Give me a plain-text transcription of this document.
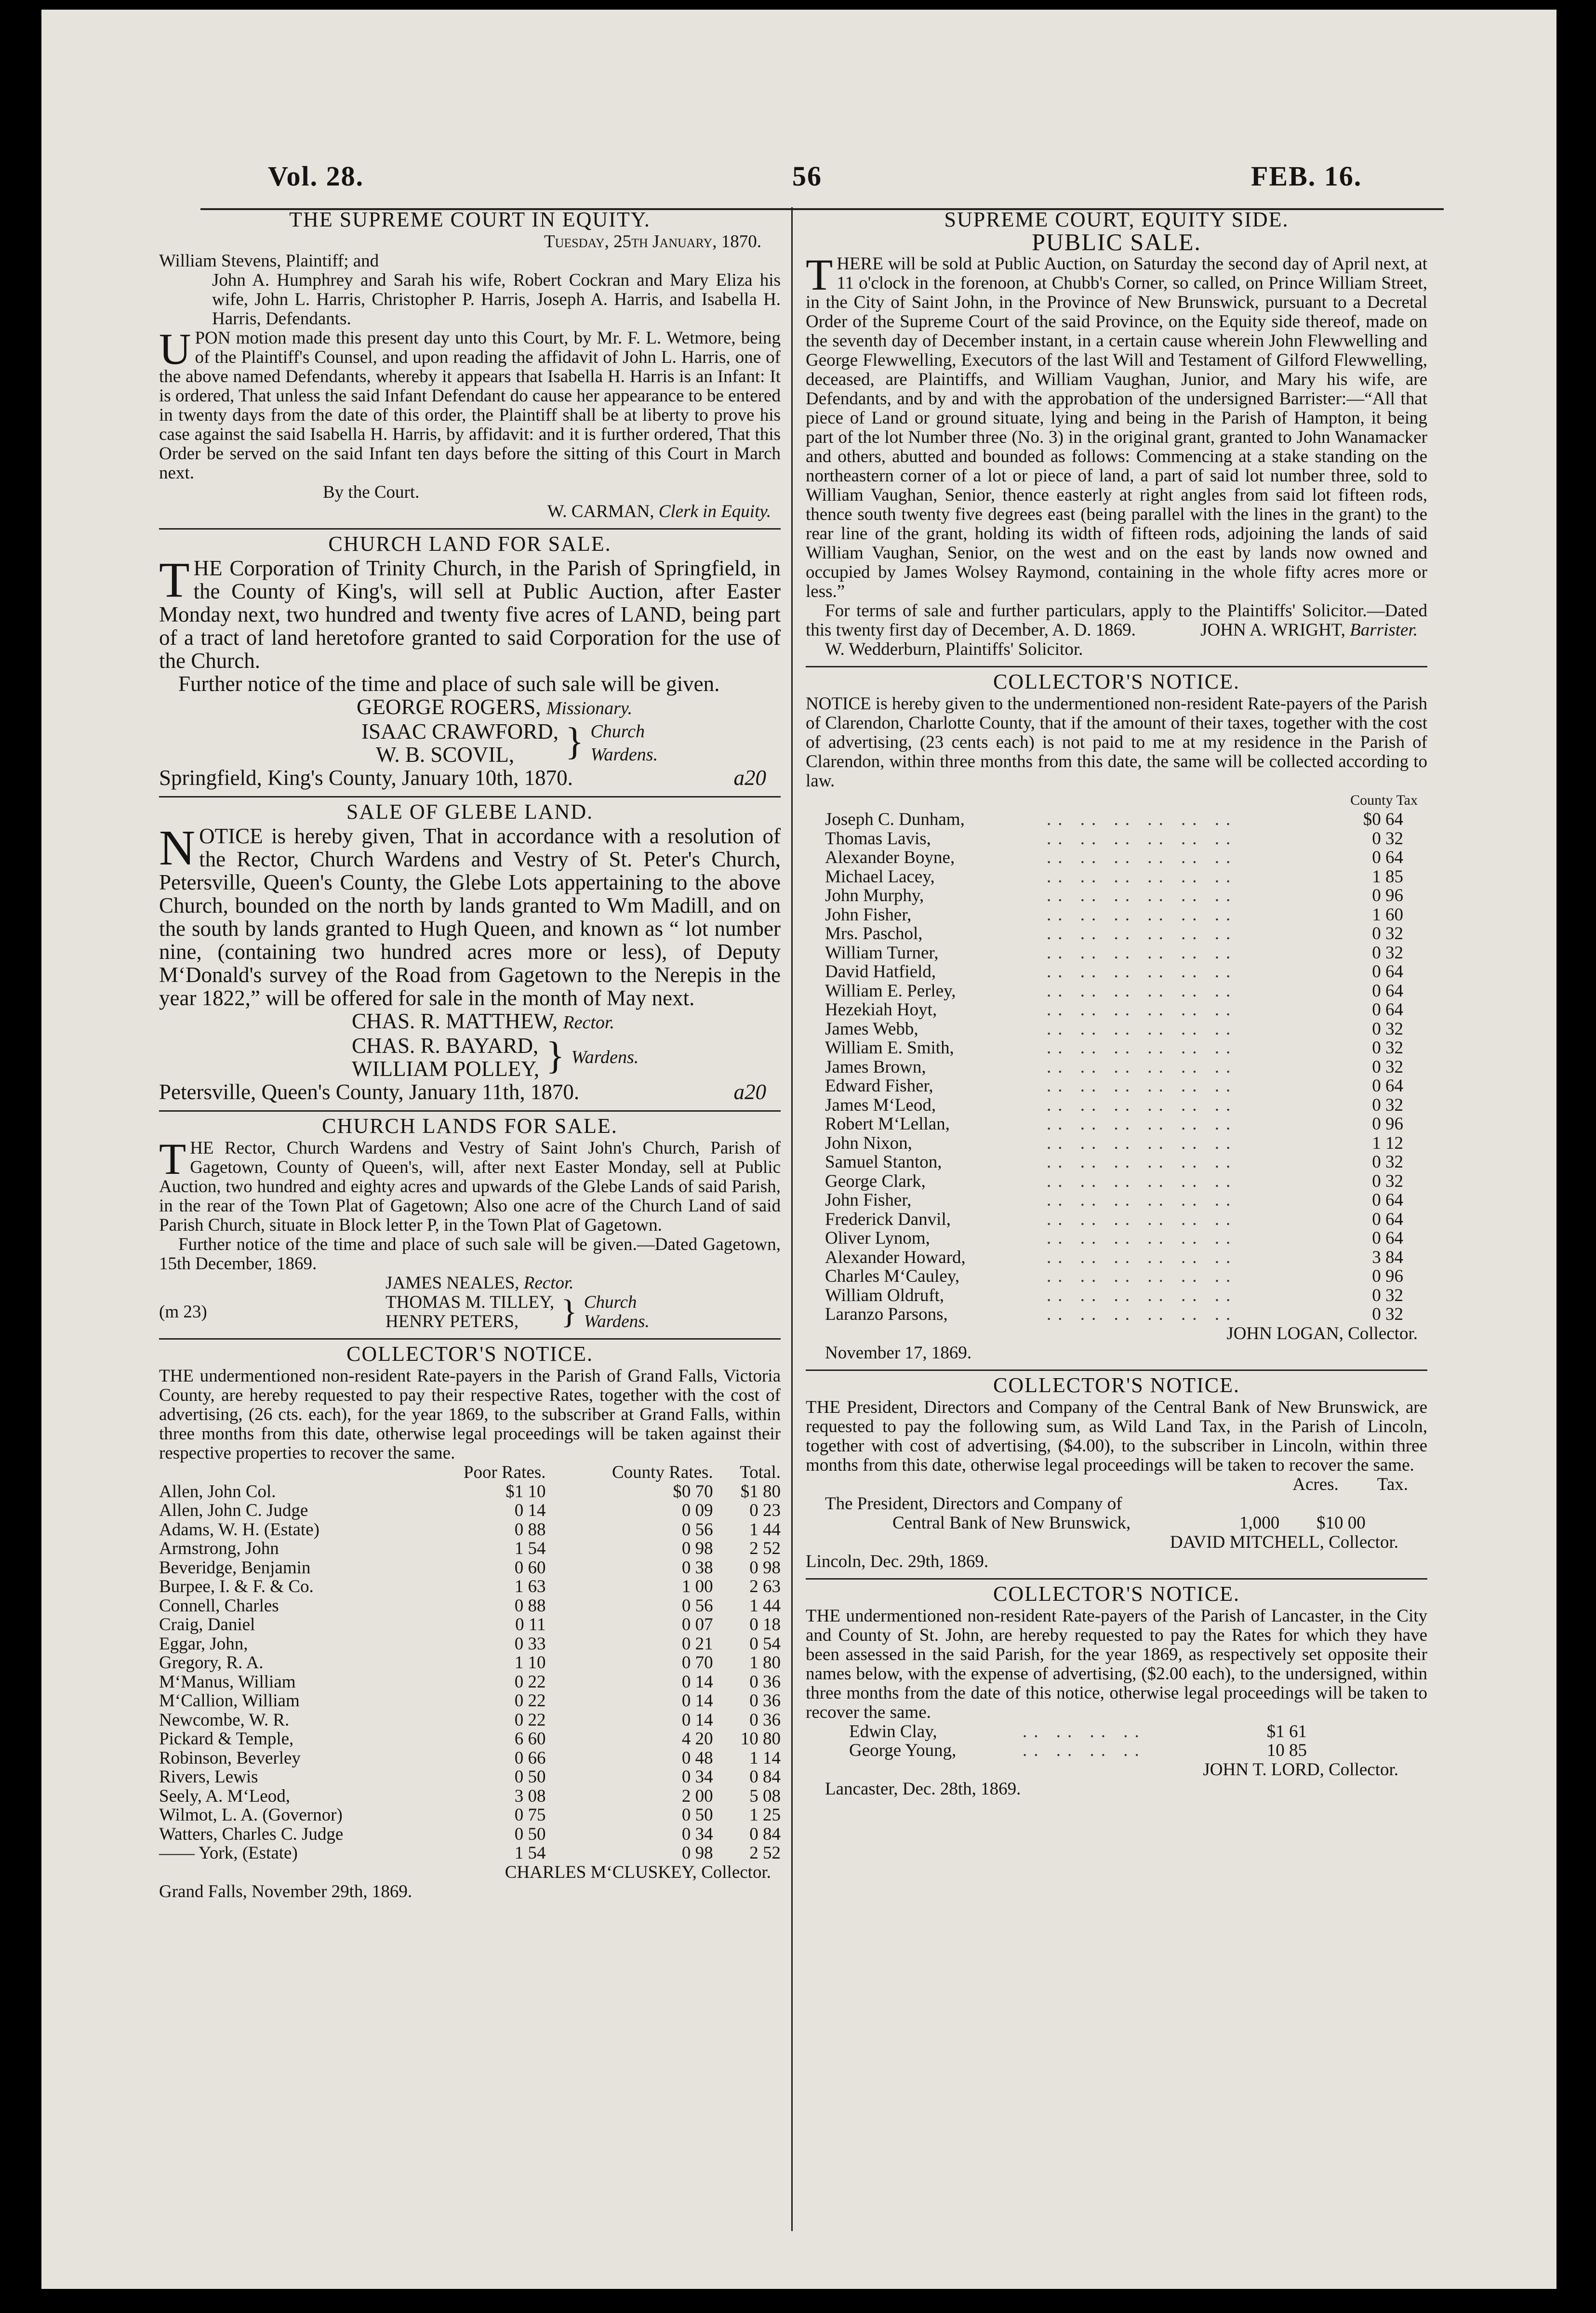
Vol. 28.	56	FEB. 16.
THE SUPREME COURT IN EQUITY.
Tuesday, 25th January, 1870.
William Stevens, Plaintiff; and

John A. Humphrey and Sarah his wife, Robert Cockran and Mary Eliza his wife, John L. Harris, Christopher P. Harris, Joseph A. Harris, and Isabella H. Harris, Defendants.

UPON motion made this present day unto this Court, by Mr. F. L. Wetmore, being of the Plaintiff's Counsel, and upon reading the affidavit of John L. Harris, one of the above named Defendants, whereby it appears that Isabella H. Harris is an Infant: It is ordered, That unless the said Infant Defendant do cause her appearance to be entered in twenty days from the date of this order, the Plaintiff shall be at liberty to prove his case against the said Isabella H. Harris, by affidavit: and it is further ordered, That this Order be served on the said Infant ten days before the sitting of this Court in March next.

By the Court.
W. CARMAN, Clerk in Equity.
CHURCH LAND FOR SALE.

THE Corporation of Trinity Church, in the Parish of Springfield, in the County of King's, will sell at Public Auction, after Easter Monday next, two hundred and twenty five acres of LAND, being part of a tract of land heretofore granted to said Corporation for the use of the Church.

Further notice of the time and place of such sale will be given.

GEORGE ROGERS, Missionary.
ISAAC CRAWFORD,
W. B. SCOVIL,	} Church
Wardens.
Springfield, King's County, January 10th, 1870.	a20
SALE OF GLEBE LAND.

NOTICE is hereby given, That in accordance with a resolution of the Rector, Church Wardens and Vestry of St. Peter's Church, Petersville, Queen's County, the Glebe Lots appertaining to the above Church, bounded on the north by lands granted to Wm Madill, and on the south by lands granted to Hugh Queen, and known as “ lot number nine, (containing two hundred acres more or less), of Deputy M‘Donald's survey of the Road from Gagetown to the Nerepis in the year 1822,” will be offered for sale in the month of May next.

CHAS. R. MATTHEW, Rector.
CHAS. R. BAYARD,
WILLIAM POLLEY, } Wardens.
Petersville, Queen's County, January 11th, 1870.	a20
CHURCH LANDS FOR SALE.

THE Rector, Church Wardens and Vestry of Saint John's Church, Parish of Gagetown, County of Queen's, will, after next Easter Monday, sell at Public Auction, two hundred and eighty acres and upwards of the Glebe Lands of said Parish, in the rear of the Town Plat of Gagetown; Also one acre of the Church Land of said Parish Church, situate in Block letter P, in the Town Plat of Gagetown.

Further notice of the time and place of such sale will be given.—Dated Gagetown, 15th December, 1869.

JAMES NEALES, Rector.
(m 23)	THOMAS M. TILLEY,
HENRY PETERS,	} Church
Wardens.
COLLECTOR'S NOTICE.

THE undermentioned non-resident Rate-payers in the Parish of Grand Falls, Victoria County, are hereby requested to pay their respective Rates, together with the cost of advertising, (26 cts. each), for the year 1869, to the subscriber at Grand Falls, within three months from this date, otherwise legal proceedings will be taken against their respective properties to recover the same.

	Poor Rates.	County Rates.	Total.
Allen, John Col.	$1 10	$0 70	$1 80
Allen, John C. Judge	0 14	0 09	0 23
Adams, W. H. (Estate)	0 88	0 56	1 44
Armstrong, John	1 54	0 98	2 52
Beveridge, Benjamin	0 60	0 38	0 98
Burpee, I. & F. & Co.	1 63	1 00	2 63
Connell, Charles	0 88	0 56	1 44
Craig, Daniel	0 11	0 07	0 18
Eggar, John,	0 33	0 21	0 54
Gregory, R. A.	1 10	0 70	1 80
M‘Manus, William	0 22	0 14	0 36
M‘Callion, William	0 22	0 14	0 36
Newcombe, W. R.	0 22	0 14	0 36
Pickard & Temple,	6 60	4 20	10 80
Robinson, Beverley	0 66	0 48	1 14
Rivers, Lewis	0 50	0 34	0 84
Seely, A. M‘Leod,	3 08	2 00	5 08
Wilmot, L. A. (Governor)	0 75	0 50	1 25
Watters, Charles C. Judge	0 50	0 34	0 84
—— York, (Estate)	1 54	0 98	2 52
CHARLES M‘CLUSKEY, Collector.
Grand Falls, November 29th, 1869.
SUPREME COURT, EQUITY SIDE.
PUBLIC SALE.

THERE will be sold at Public Auction, on Saturday the second day of April next, at 11 o'clock in the forenoon, at Chubb's Corner, so called, on Prince William Street, in the City of Saint John, in the Province of New Brunswick, pursuant to a Decretal Order of the Supreme Court of the said Province, on the Equity side thereof, made on the seventh day of December instant, in a certain cause wherein John Flewwelling and George Flewwelling, Executors of the last Will and Testament of Gilford Flewwelling, deceased, are Plaintiffs, and William Vaughan, Junior, and Mary his wife, are Defendants, and by and with the approbation of the undersigned Barrister:—“All that piece of Land or ground situate, lying and being in the Parish of Hampton, it being part of the lot Number three (No. 3) in the original grant, granted to John Wanamacker and others, abutted and bounded as follows: Commencing at a stake standing on the northeastern corner of a lot or piece of land, a part of said lot number three, sold to William Vaughan, Senior, thence easterly at right angles from said lot fifteen rods, thence south twenty five degrees east (being parallel with the lines in the grant) to the rear line of the grant, holding its width of fifteen rods, adjoining the lands of said William Vaughan, Senior, on the west and on the east by lands now owned and occupied by James Wolsey Raymond, containing in the whole fifty acres more or less.”

For terms of sale and further particulars, apply to the Plaintiffs' Solicitor.—Dated this twenty first day of December, A. D. 1869.	JOHN A. WRIGHT, Barrister.
W. Wedderburn, Plaintiffs' Solicitor.
COLLECTOR'S NOTICE.

NOTICE is hereby given to the undermentioned non-resident Rate-payers of the Parish of Clarendon, Charlotte County, that if the amount of their taxes, together with the cost of advertising, (23 cents each) is not paid to me at my residence in the Parish of Clarendon, within three months from this date, the same will be collected according to law.

County Tax
Joseph C. Dunham,	.. .. .. .. .. ..	$0 64
Thomas Lavis,	.. .. .. .. .. ..	0 32
Alexander Boyne,	.. .. .. .. .. ..	0 64
Michael Lacey,	.. .. .. .. .. ..	1 85
John Murphy,	.. .. .. .. .. ..	0 96
John Fisher,	.. .. .. .. .. ..	1 60
Mrs. Paschol,	.. .. .. .. .. ..	0 32
William Turner,	.. .. .. .. .. ..	0 32
David Hatfield,	.. .. .. .. .. ..	0 64
William E. Perley,	.. .. .. .. .. ..	0 64
Hezekiah Hoyt,	.. .. .. .. .. ..	0 64
James Webb,	.. .. .. .. .. ..	0 32
William E. Smith,	.. .. .. .. .. ..	0 32
James Brown,	.. .. .. .. .. ..	0 32
Edward Fisher,	.. .. .. .. .. ..	0 64
James M‘Leod,	.. .. .. .. .. ..	0 32
Robert M‘Lellan,	.. .. .. .. .. ..	0 96
John Nixon,	.. .. .. .. .. ..	1 12
Samuel Stanton,	.. .. .. .. .. ..	0 32
George Clark,	.. .. .. .. .. ..	0 32
John Fisher,	.. .. .. .. .. ..	0 64
Frederick Danvil,	.. .. .. .. .. ..	0 64
Oliver Lynom,	.. .. .. .. .. ..	0 64
Alexander Howard,	.. .. .. .. .. ..	3 84
Charles M‘Cauley,	.. .. .. .. .. ..	0 96
William Oldruft,	.. .. .. .. .. ..	0 32
Laranzo Parsons,	.. .. .. .. .. ..	0 32
JOHN LOGAN, Collector.
November 17, 1869.
COLLECTOR'S NOTICE.

THE President, Directors and Company of the Central Bank of New Brunswick, are requested to pay the following sum, as Wild Land Tax, in the Parish of Lincoln, together with cost of advertising, ($4.00), to the subscriber in Lincoln, within three months from this date, otherwise legal proceedings will be taken to recover the same.

Acres. Tax.
The President, Directors and Company of
Central Bank of New Brunswick,	1,000	$10 00
DAVID MITCHELL, Collector.
Lincoln, Dec. 29th, 1869.
COLLECTOR'S NOTICE.

THE undermentioned non-resident Rate-payers of the Parish of Lancaster, in the City and County of St. John, are hereby requested to pay the Rates for which they have been assessed in the said Parish, for the year 1869, as respectively set opposite their names below, with the expense of advertising, ($2.00 each), to the undersigned, within three months from the date of this notice, otherwise legal proceedings will be taken to recover the same.

Edwin Clay,	.. .. .. ..	$1 61
George Young,	.. .. .. ..	10 85
JOHN T. LORD, Collector.
Lancaster, Dec. 28th, 1869.
